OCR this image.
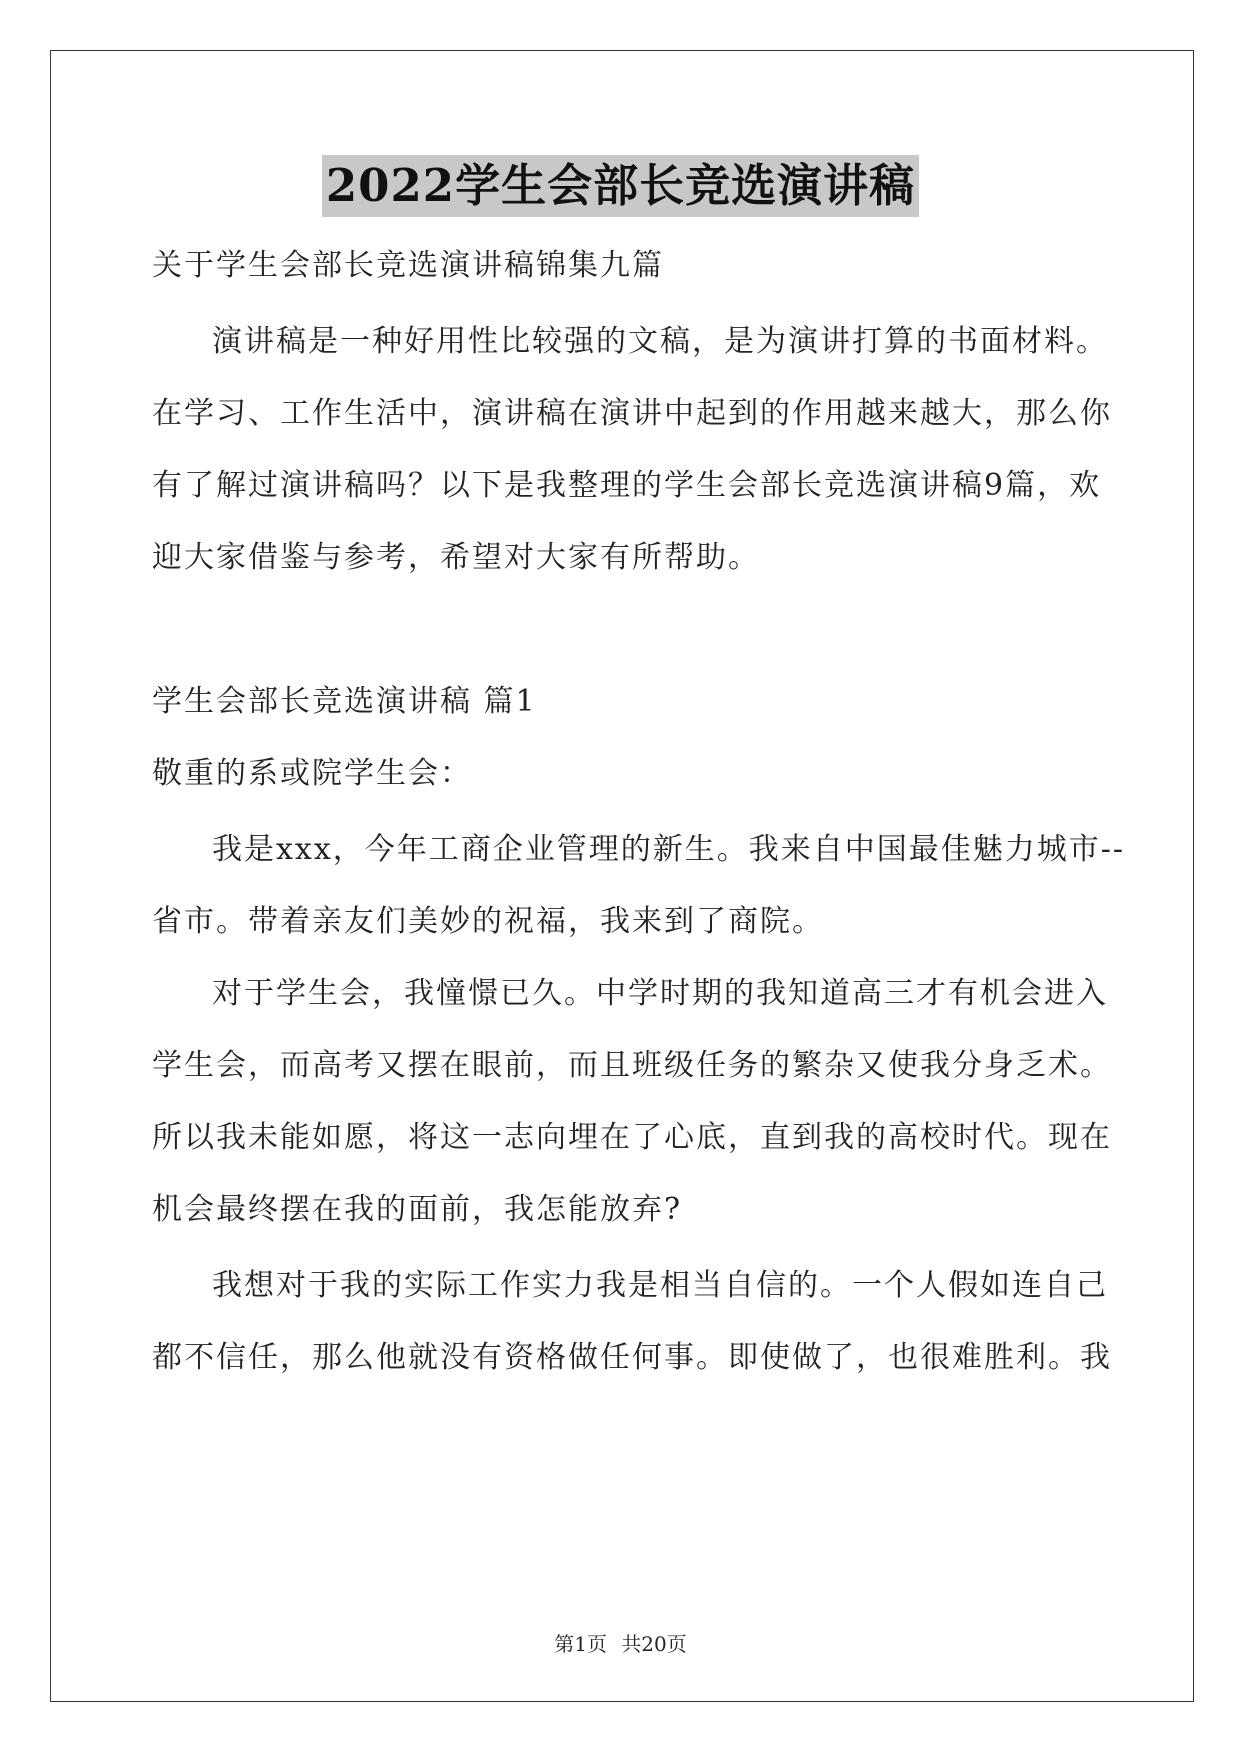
2022学生会部长竞选演讲稿
关于学生会部长竞选演讲稿锦集九篇
演讲稿是一种好用性比较强的文稿，是为演讲打算的书面材料。
在学习、工作生活中，演讲稿在演讲中起到的作用越来越大，那么你
有了解过演讲稿吗？以下是我整理的学生会部长竞选演讲稿9篇，欢
迎大家借鉴与参考，希望对大家有所帮助。
学生会部长竞选演讲稿 篇1
敬重的系或院学生会：
我是xxx，今年工商企业管理的新生。我来自中国最佳魅力城市--
省市。带着亲友们美妙的祝福，我来到了商院。
对于学生会，我憧憬已久。中学时期的我知道高三才有机会进入
学生会，而高考又摆在眼前，而且班级任务的繁杂又使我分身乏术。
所以我未能如愿，将这一志向埋在了心底，直到我的高校时代。现在
机会最终摆在我的面前，我怎能放弃?
我想对于我的实际工作实力我是相当自信的。一个人假如连自己
都不信任，那么他就没有资格做任何事。即使做了，也很难胜利。我
第1页 共20页
